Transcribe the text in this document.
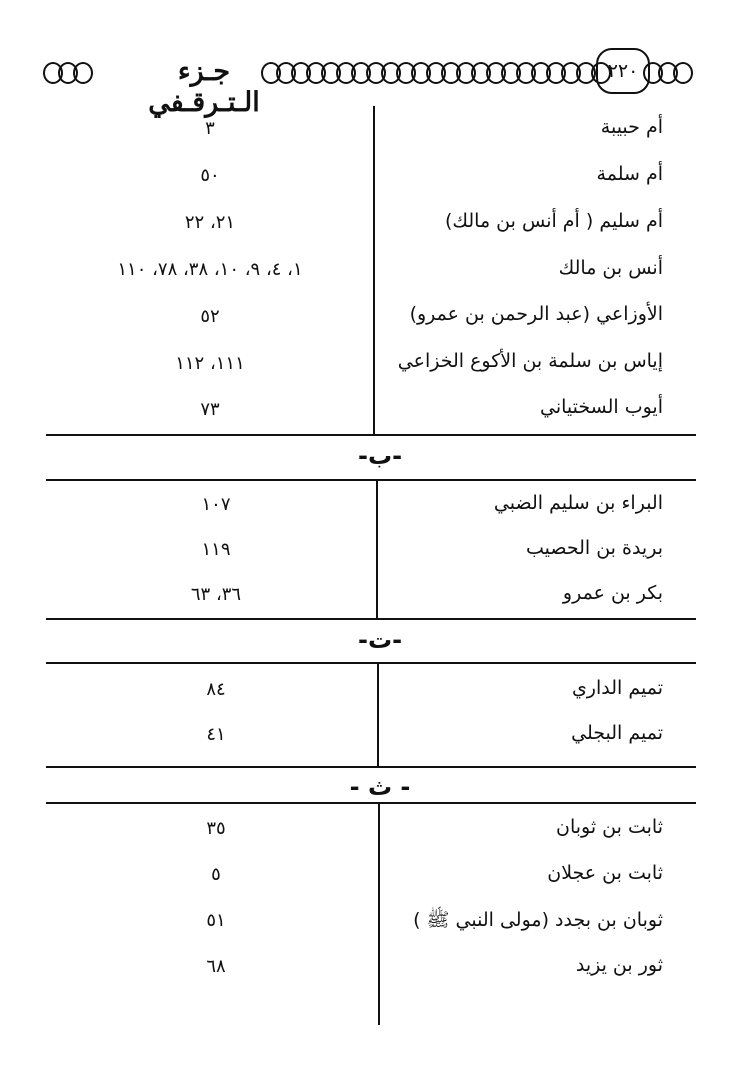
جـزء الـتـرقـفي
٢٢٠
أم حبيبة
٣
أم سلمة
٥٠
أم سليم ( أم أنس بن مالك)
٢١، ٢٢
أنس بن مالك
١، ٤، ٩، ١٠، ٣٨، ٧٨، ١١٠
الأوزاعي (عبد الرحمن بن عمرو)
٥٢
إياس بن سلمة بن الأكوع الخزاعي
١١١، ١١٢
أيوب السختياني
٧٣
-ب-
البراء بن سليم الضبي
١٠٧
بريدة بن الحصيب
١١٩
بكر بن عمرو
٣٦، ٦٣
-ت-
تميم الداري
٨٤
تميم البجلي
٤١
- ث -
ثابت بن ثوبان
٣٥
ثابت بن عجلان
٥
ثوبان بن بجدد (مولى النبي ﷺ )
٥١
ثور بن يزيد
٦٨
